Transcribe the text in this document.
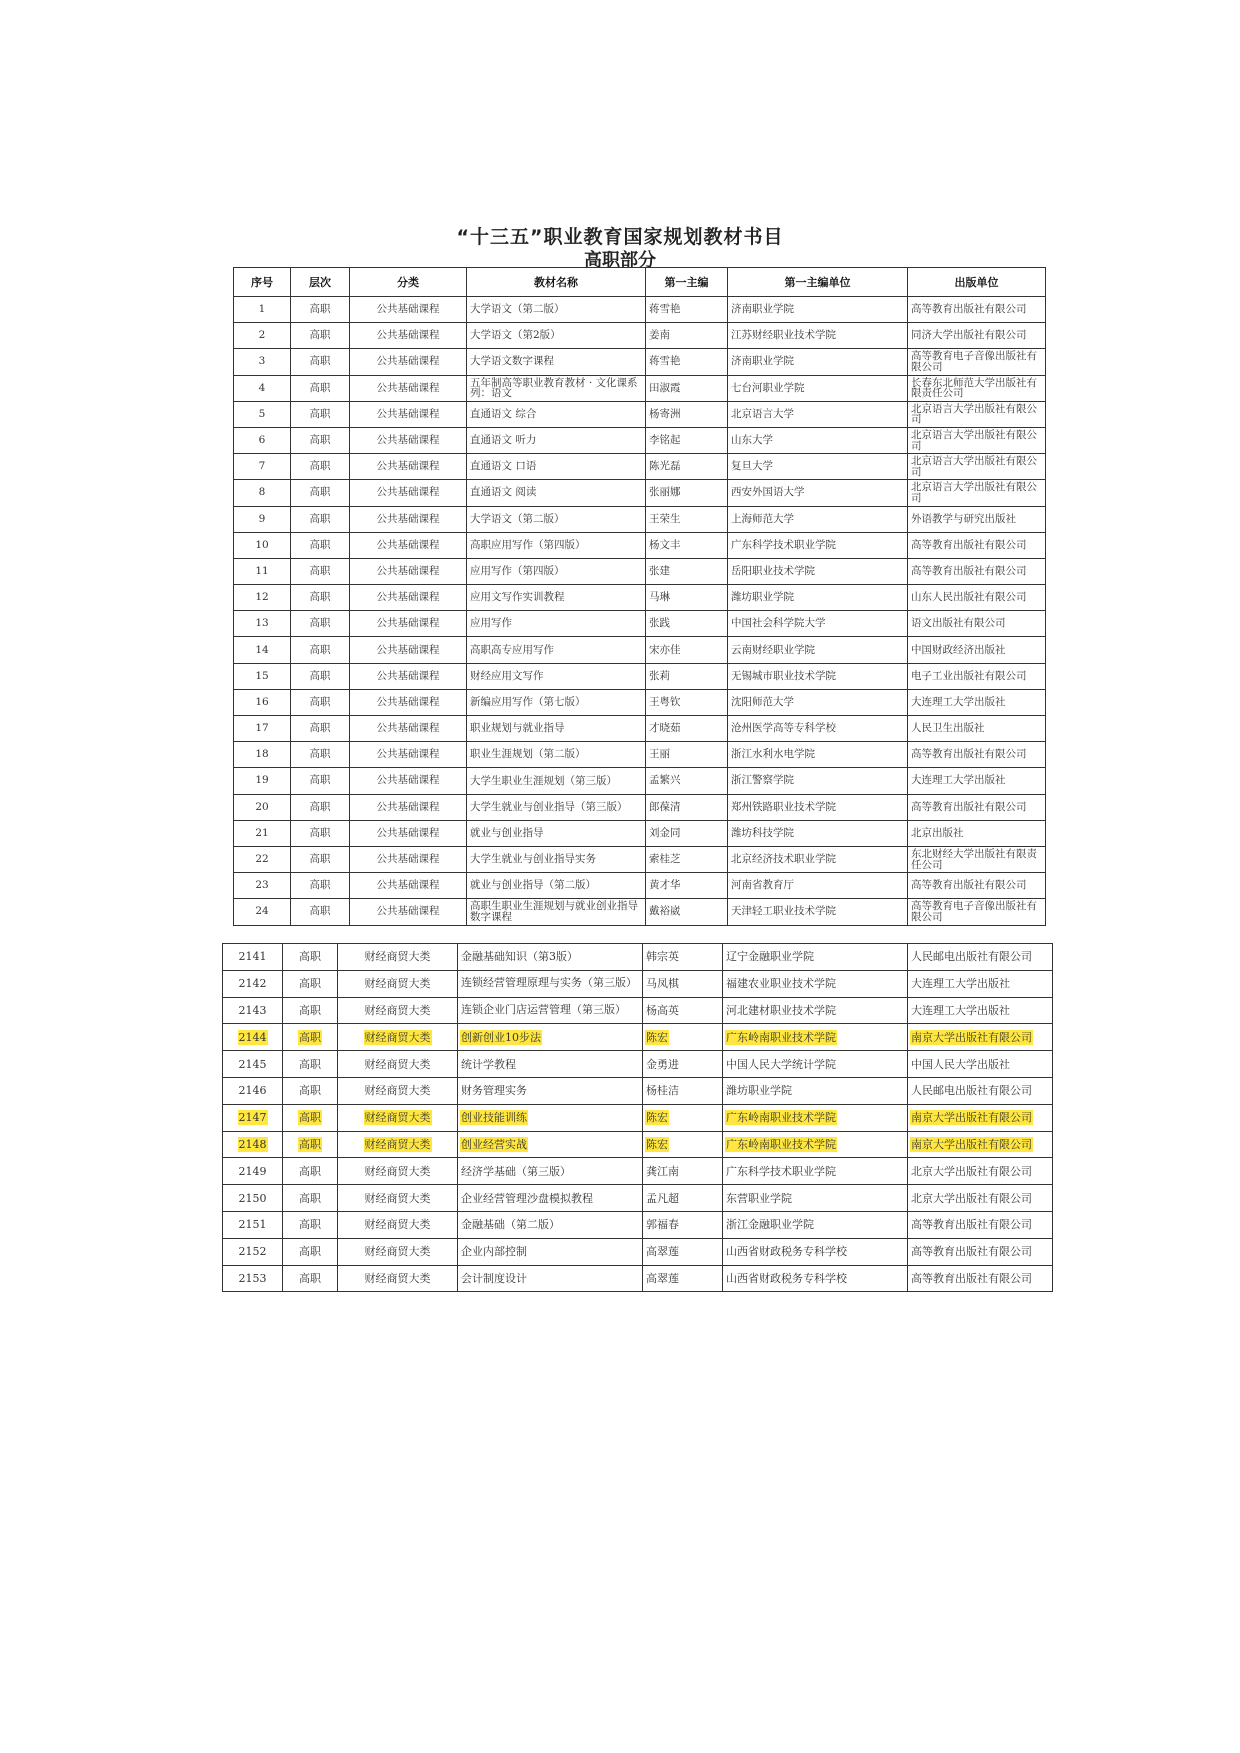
“十三五”职业教育国家规划教材书目
高职部分
序号	层次	分类	教材名称	第一主编	第一主编单位	出版单位
1	高职	公共基础课程	大学语文（第二版）	蒋雪艳	济南职业学院	高等教育出版社有限公司
2	高职	公共基础课程	大学语文（第2版）	姜南	江苏财经职业技术学院	同济大学出版社有限公司
3	高职	公共基础课程	大学语文数字课程	蒋雪艳	济南职业学院	高等教育电子音像出版社有限公司
4	高职	公共基础课程	五年制高等职业教育教材 · 文化课系列：语文	田淑霞	七台河职业学院	长春东北师范大学出版社有限责任公司
5	高职	公共基础课程	直通语文 综合	杨寄洲	北京语言大学	北京语言大学出版社有限公司
6	高职	公共基础课程	直通语文 听力	李铭起	山东大学	北京语言大学出版社有限公司
7	高职	公共基础课程	直通语文 口语	陈光磊	复旦大学	北京语言大学出版社有限公司
8	高职	公共基础课程	直通语文 阅读	张丽娜	西安外国语大学	北京语言大学出版社有限公司
9	高职	公共基础课程	大学语文（第二版）	王荣生	上海师范大学	外语教学与研究出版社
10	高职	公共基础课程	高职应用写作（第四版）	杨文丰	广东科学技术职业学院	高等教育出版社有限公司
11	高职	公共基础课程	应用写作（第四版）	张建	岳阳职业技术学院	高等教育出版社有限公司
12	高职	公共基础课程	应用文写作实训教程	马琳	潍坊职业学院	山东人民出版社有限公司
13	高职	公共基础课程	应用写作	张践	中国社会科学院大学	语文出版社有限公司
14	高职	公共基础课程	高职高专应用写作	宋亦佳	云南财经职业学院	中国财政经济出版社
15	高职	公共基础课程	财经应用文写作	张莉	无锡城市职业技术学院	电子工业出版社有限公司
16	高职	公共基础课程	新编应用写作（第七版）	王粤钦	沈阳师范大学	大连理工大学出版社
17	高职	公共基础课程	职业规划与就业指导	才晓茹	沧州医学高等专科学校	人民卫生出版社
18	高职	公共基础课程	职业生涯规划（第二版）	王丽	浙江水利水电学院	高等教育出版社有限公司
19	高职	公共基础课程	大学生职业生涯规划（第三版）	孟繁兴	浙江警察学院	大连理工大学出版社
20	高职	公共基础课程	大学生就业与创业指导（第三版）	郎葆清	郑州铁路职业技术学院	高等教育出版社有限公司
21	高职	公共基础课程	就业与创业指导	刘金同	潍坊科技学院	北京出版社
22	高职	公共基础课程	大学生就业与创业指导实务	索桂芝	北京经济技术职业学院	东北财经大学出版社有限责任公司
23	高职	公共基础课程	就业与创业指导（第二版）	黄才华	河南省教育厅	高等教育出版社有限公司
24	高职	公共基础课程	高职生职业生涯规划与就业创业指导数字课程	戴裕崴	天津轻工职业技术学院	高等教育电子音像出版社有限公司
2141	高职	财经商贸大类	金融基础知识（第3版）	韩宗英	辽宁金融职业学院	人民邮电出版社有限公司
2142	高职	财经商贸大类	连锁经营管理原理与实务（第三版）	马凤棋	福建农业职业技术学院	大连理工大学出版社
2143	高职	财经商贸大类	连锁企业门店运营管理（第三版）	杨高英	河北建材职业技术学院	大连理工大学出版社
2144	高职	财经商贸大类	创新创业10步法	陈宏	广东岭南职业技术学院	南京大学出版社有限公司
2145	高职	财经商贸大类	统计学教程	金勇进	中国人民大学统计学院	中国人民大学出版社
2146	高职	财经商贸大类	财务管理实务	杨桂洁	潍坊职业学院	人民邮电出版社有限公司
2147	高职	财经商贸大类	创业技能训练	陈宏	广东岭南职业技术学院	南京大学出版社有限公司
2148	高职	财经商贸大类	创业经营实战	陈宏	广东岭南职业技术学院	南京大学出版社有限公司
2149	高职	财经商贸大类	经济学基础（第三版）	龚江南	广东科学技术职业学院	北京大学出版社有限公司
2150	高职	财经商贸大类	企业经营管理沙盘模拟教程	孟凡超	东营职业学院	北京大学出版社有限公司
2151	高职	财经商贸大类	金融基础（第二版）	郭福春	浙江金融职业学院	高等教育出版社有限公司
2152	高职	财经商贸大类	企业内部控制	高翠莲	山西省财政税务专科学校	高等教育出版社有限公司
2153	高职	财经商贸大类	会计制度设计	高翠莲	山西省财政税务专科学校	高等教育出版社有限公司
